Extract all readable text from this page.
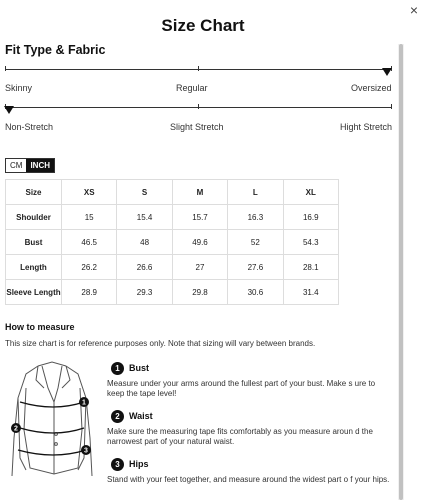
×
Size Chart
Fit Type & Fabric
Skinny	Regular	Oversized
Non-Stretch	Slight Stretch	Hight Stretch
CM	INCH
Size	XS	S	M	L	XL
Shoulder	15	15.4	15.7	16.3	16.9
Bust	46.5	48	49.6	52	54.3
Length	26.2	26.6	27	27.6	28.1
Sleeve Length	28.9	29.3	29.8	30.6	31.4
How to measure
This size chart is for reference purposes only. Note that sizing will vary between brands.
1
2
3
1	Bust
Measure under your arms around the fullest part of your bust. Make s ure to keep the tape level!
2	Waist
Make sure the measuring tape fits comfortably as you measure aroun d the narrowest part of your natural waist.
3	Hips
Stand with your feet together, and measure around the widest part o f your hips.
